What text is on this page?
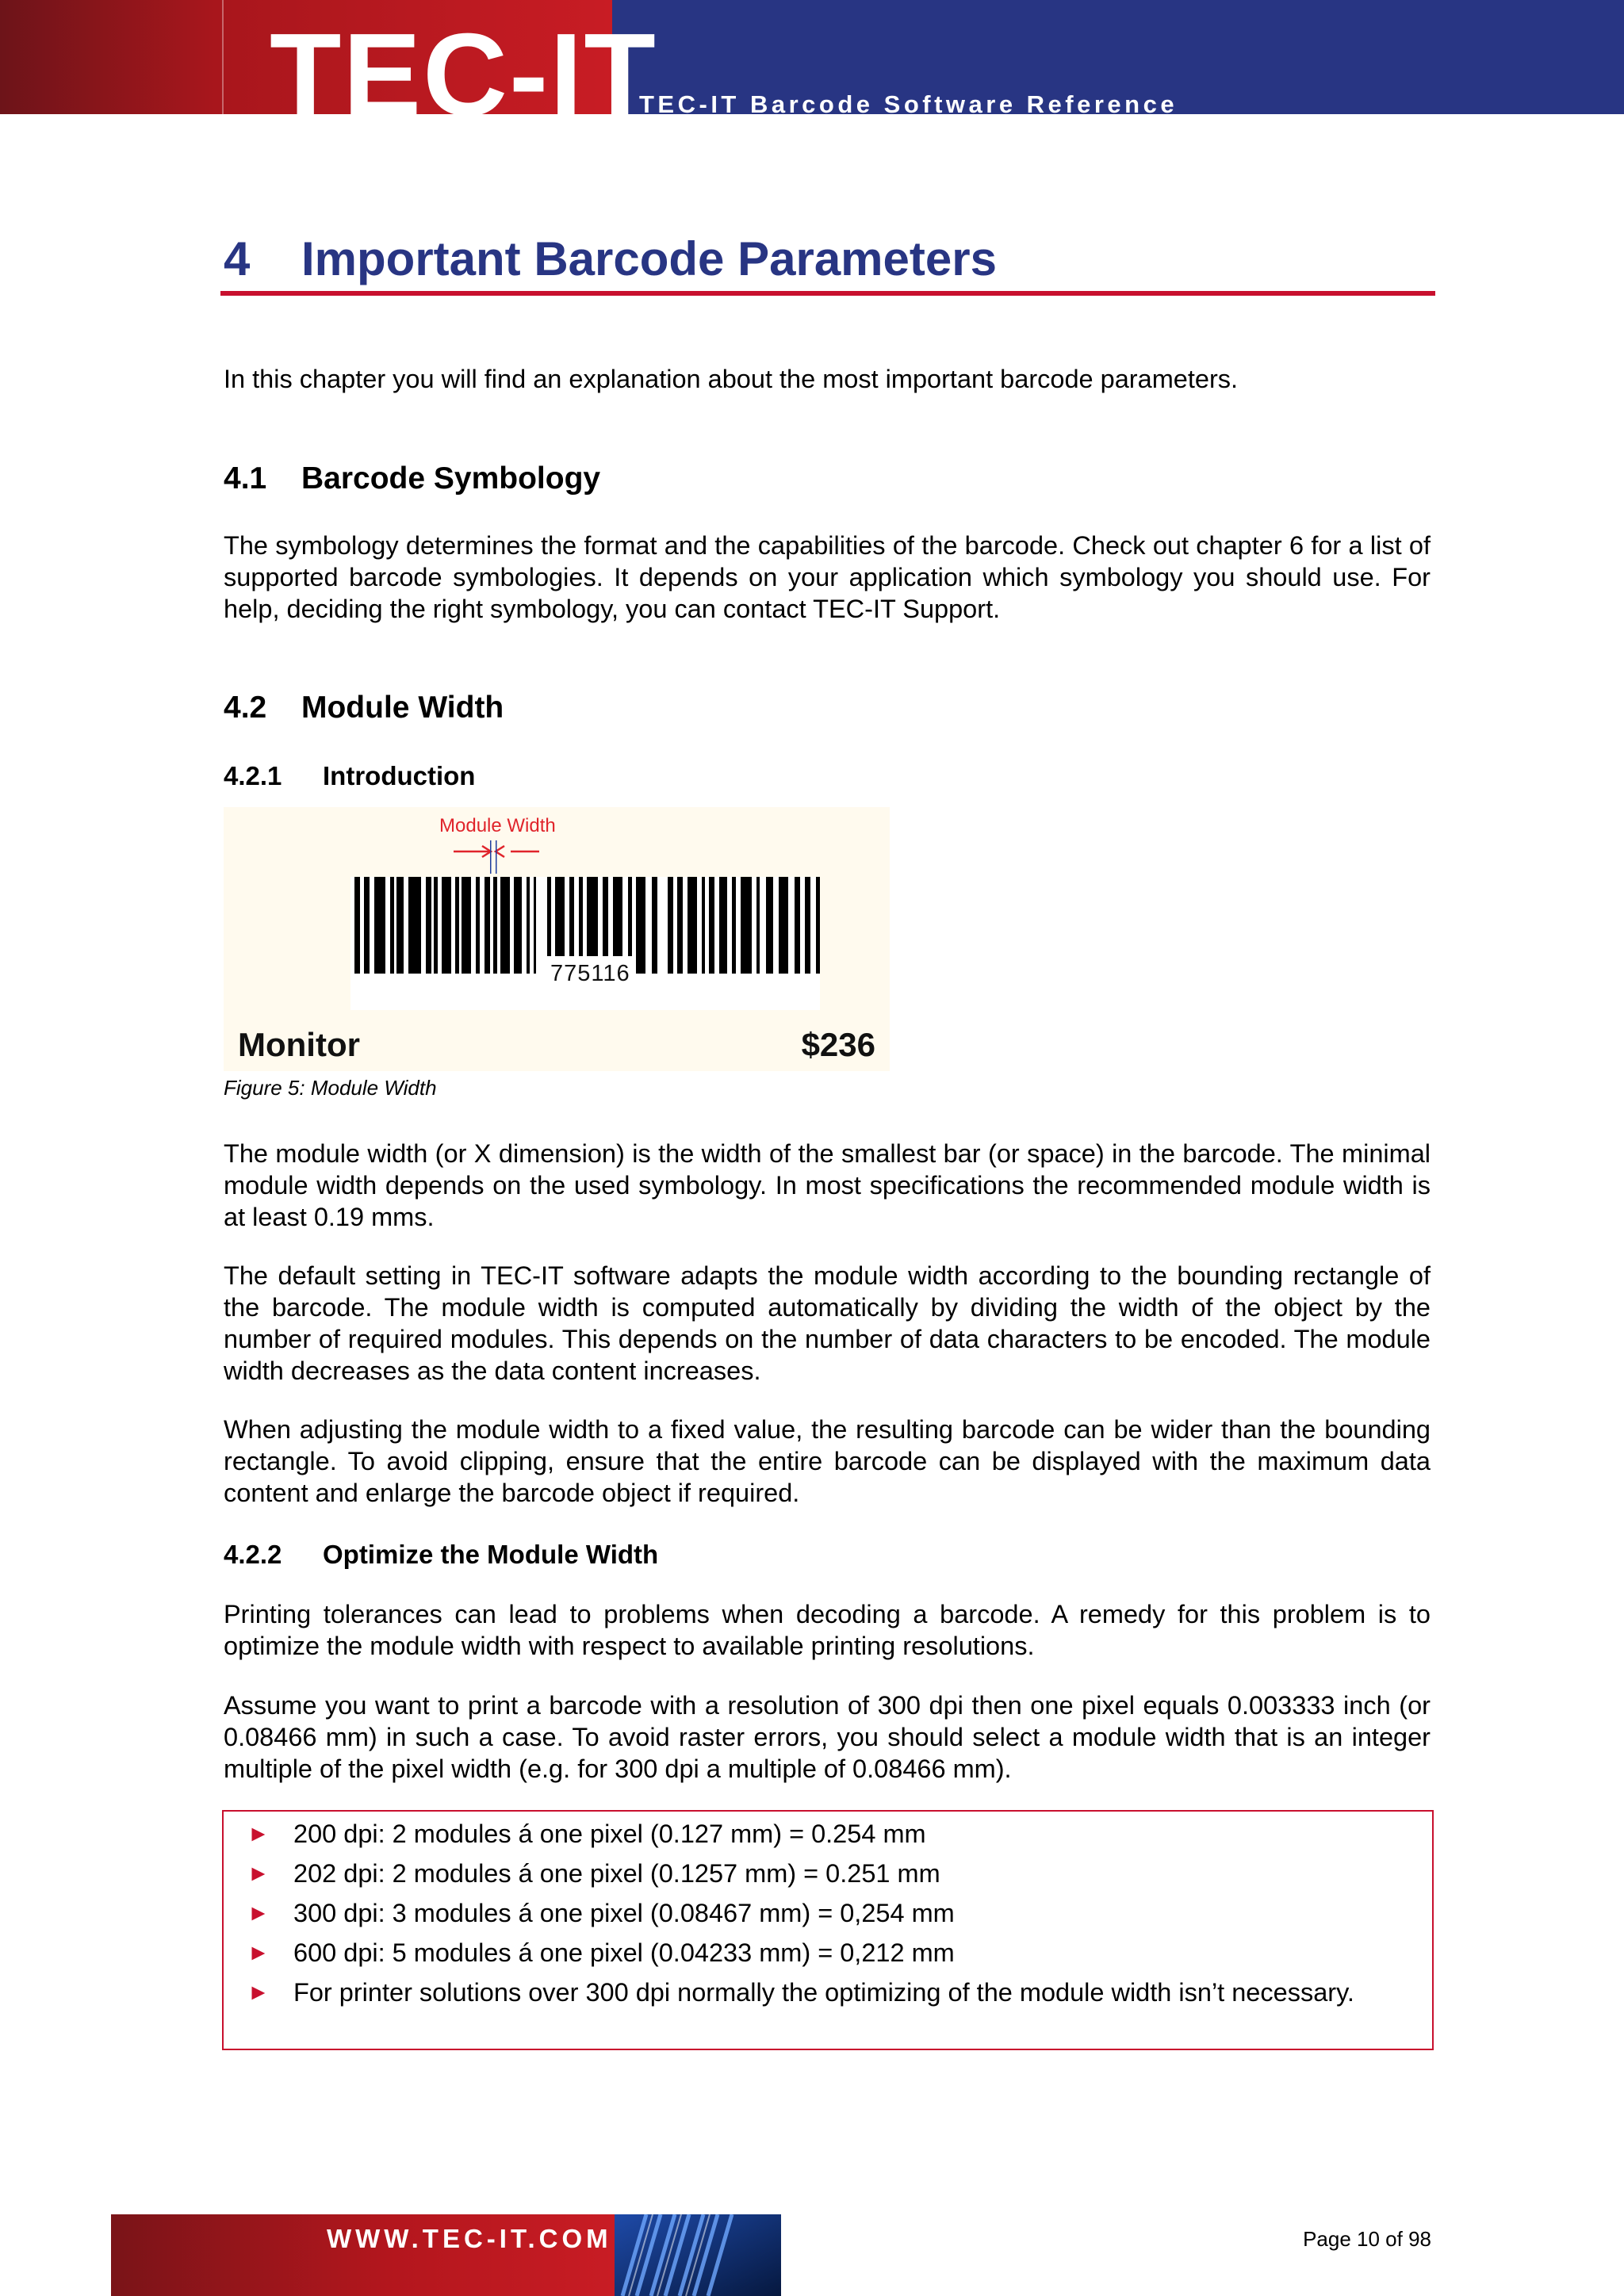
TEC-IT
TEC-IT Barcode Software Reference
4 Important Barcode Parameters

In this chapter you will find an explanation about the most important barcode parameters.

4.1 Barcode Symbology

The symbology determines the format and the capabilities of the barcode. Check out chapter 6 for a list of supported barcode symbologies. It depends on your application which symbology you should use. For help, deciding the right symbology, you can contact TEC-IT Support.

4.2 Module Width
4.2.1 Introduction
Module Width
775116
Monitor	$236
Figure 5: Module Width

The module width (or X dimension) is the width of the smallest bar (or space) in the barcode. The minimal module width depends on the used symbology. In most specifications the recommended module width is at least 0.19 mms.

The default setting in TEC-IT software adapts the module width according to the bounding rectangle of the barcode. The module width is computed automatically by dividing the width of the object by the number of required modules. This depends on the number of data characters to be encoded. The module width decreases as the data content increases.

When adjusting the module width to a fixed value, the resulting barcode can be wider than the bounding rectangle. To avoid clipping, ensure that the entire barcode can be displayed with the maximum data content and enlarge the barcode object if required.

4.2.2 Optimize the Module Width

Printing tolerances can lead to problems when decoding a barcode. A remedy for this problem is to optimize the module width with respect to available printing resolutions.

Assume you want to print a barcode with a resolution of 300 dpi then one pixel equals 0.003333 inch (or 0.08466 mm) in such a case. To avoid raster errors, you should select a module width that is an integer multiple of the pixel width (e.g. for 300 dpi a multiple of 0.08466 mm).

► 200 dpi: 2 modules á one pixel (0.127 mm) = 0.254 mm
► 202 dpi: 2 modules á one pixel (0.1257 mm) = 0.251 mm
► 300 dpi: 3 modules á one pixel (0.08467 mm) = 0,254 mm
► 600 dpi: 5 modules á one pixel (0.04233 mm) = 0,212 mm
► For printer solutions over 300 dpi normally the optimizing of the module width isn’t necessary.
WWW.TEC-IT.COM	Page 10 of 98
